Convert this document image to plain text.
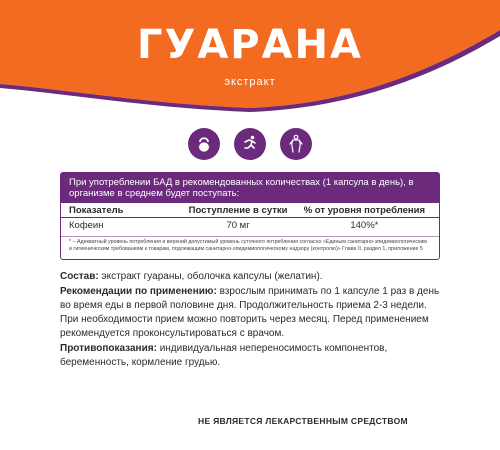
ГУАРАНА
экстракт
При употреблении БАД в рекомендованных количествах (1 капсула в день), в организме в среднем будет поступать:
Показатель	Поступление в сутки	% от уровня потребления
Кофеин	70 мг	140%*
* – Адекватный уровень потребления и верхний допустимый уровень суточного потребления согласно «Единым санитарно-эпидемиологическим и гигиеническим требованиям к товарам, подлежащим санитарно-эпидемиологическому надзору (контролю)» Глава II, раздел 1, приложение 5

Состав: экстракт гуараны, оболочка капсулы (желатин).

Рекомендации по применению: взрослым принимать по 1 капсуле 1 раз в день во время еды в первой половине дня. Продолжительность приема 2-3 недели. При необходимости прием можно повторить через месяц. Перед применением рекомендуется проконсультироваться с врачом.

Противопоказания: индивидуальная непереносимость компонентов, беременность, кормление грудью.

НЕ ЯВЛЯЕТСЯ ЛЕКАРСТВЕННЫМ СРЕДСТВОМ
